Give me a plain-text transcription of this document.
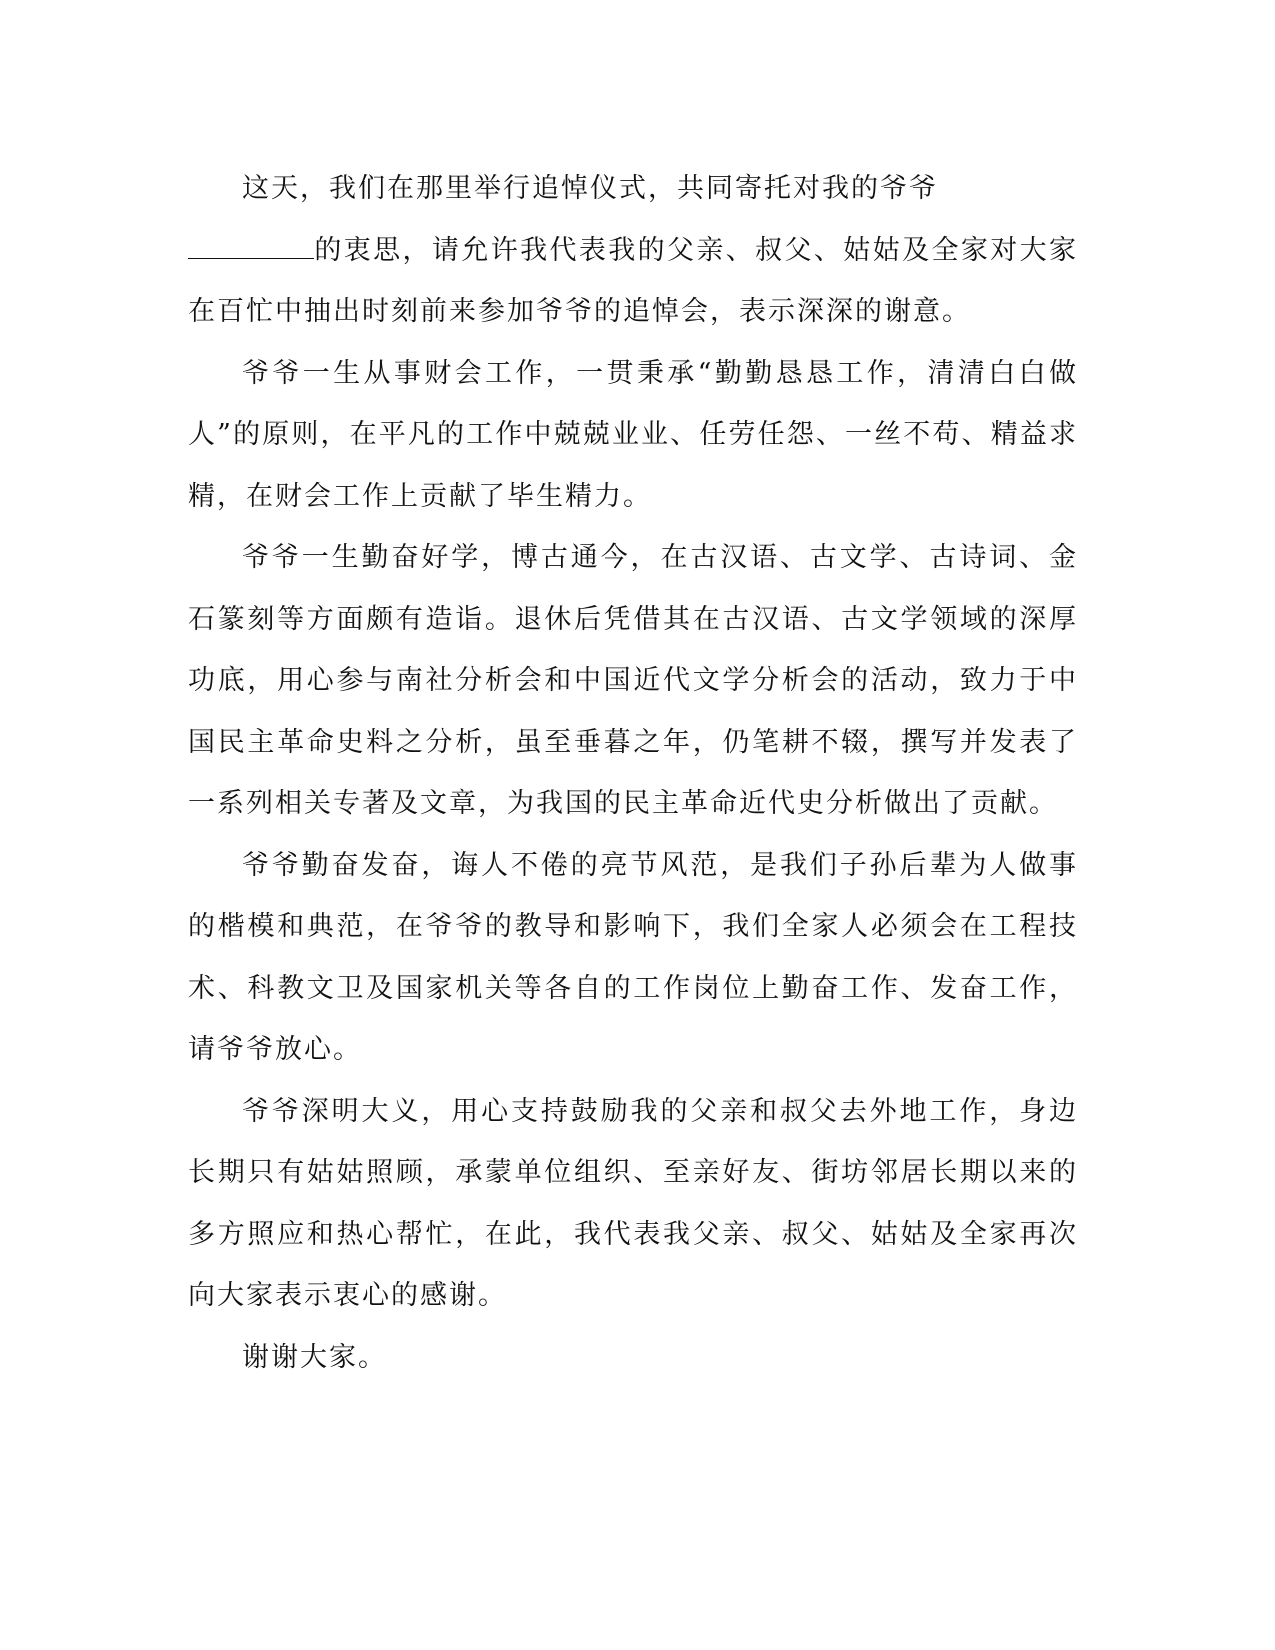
这天，我们在那里举行追悼仪式，共同寄托对我的爷爷
的衷思，请允许我代表我的父亲、叔父、姑姑及全家对大家在百忙中抽出时刻前来参加爷爷的追悼会，表示深深的谢意。

爷爷一生从事财会工作，一贯秉承“勤勤恳恳工作，清清白白做人”的原则，在平凡的工作中兢兢业业、任劳任怨、一丝不苟、精益求精，在财会工作上贡献了毕生精力。

爷爷一生勤奋好学，博古通今，在古汉语、古文学、古诗词、金石篆刻等方面颇有造诣。退休后凭借其在古汉语、古文学领域的深厚功底，用心参与南社分析会和中国近代文学分析会的活动，致力于中国民主革命史料之分析，虽至垂暮之年，仍笔耕不辍，撰写并发表了一系列相关专著及文章，为我国的民主革命近代史分析做出了贡献。

爷爷勤奋发奋，诲人不倦的亮节风范，是我们子孙后辈为人做事的楷模和典范，在爷爷的教导和影响下，我们全家人必须会在工程技术、科教文卫及国家机关等各自的工作岗位上勤奋工作、发奋工作，请爷爷放心。

爷爷深明大义，用心支持鼓励我的父亲和叔父去外地工作，身边长期只有姑姑照顾，承蒙单位组织、至亲好友、街坊邻居长期以来的多方照应和热心帮忙，在此，我代表我父亲、叔父、姑姑及全家再次向大家表示衷心的感谢。

谢谢大家。
